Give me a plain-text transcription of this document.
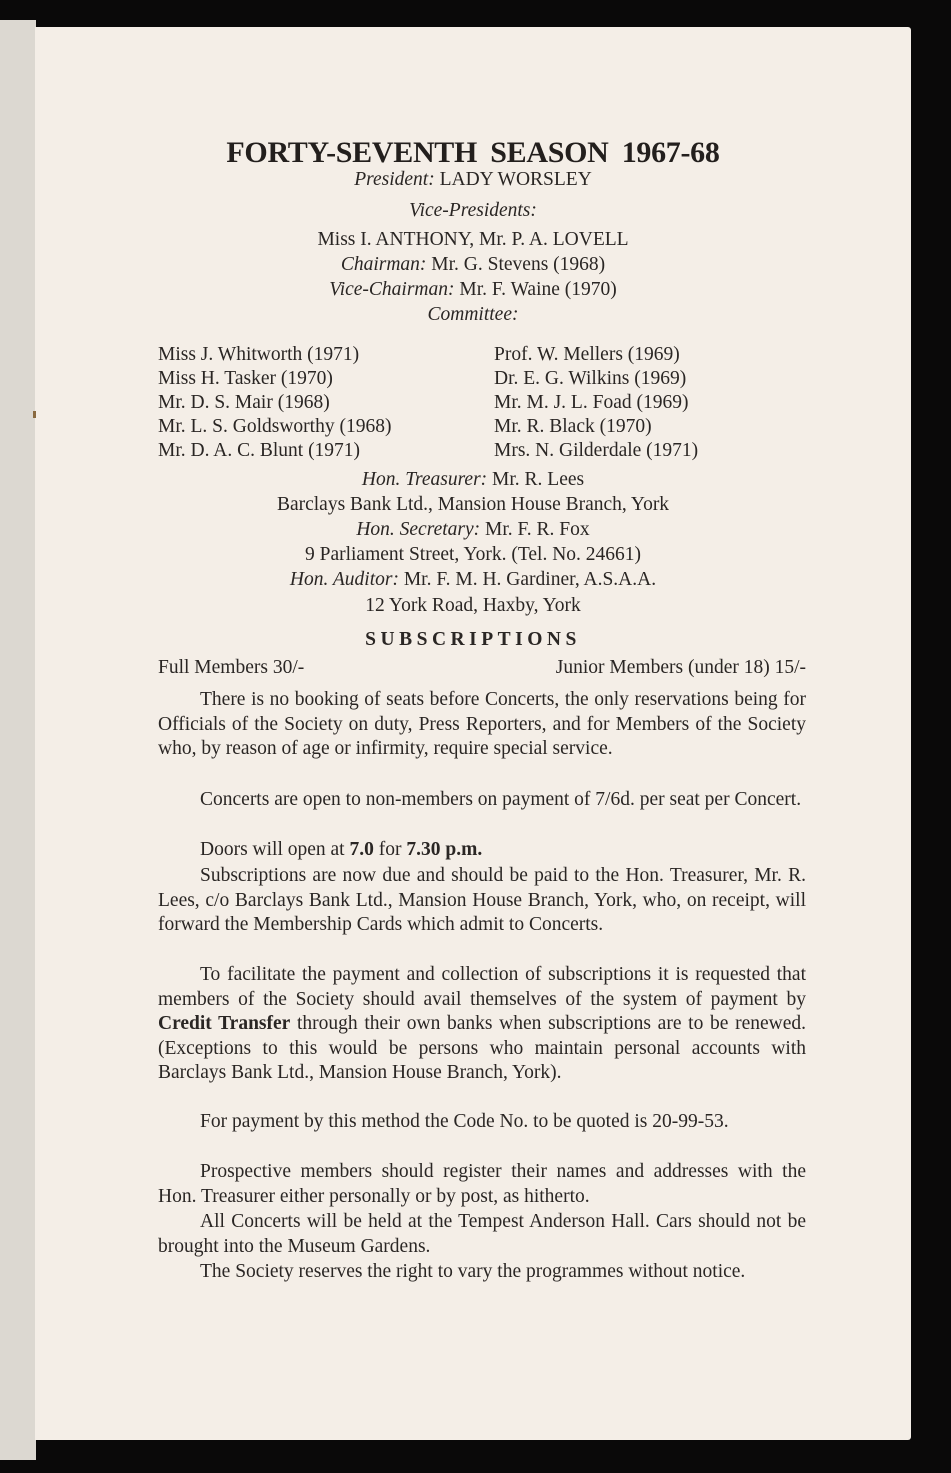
FORTY-SEVENTH SEASON 1967-68
President: LADY WORSLEY
Vice-Presidents:
Miss I. ANTHONY, Mr. P. A. LOVELL
Chairman: Mr. G. Stevens (1968)
Vice-Chairman: Mr. F. Waine (1970)
Committee:
Miss J. Whitworth (1971)
Miss H. Tasker (1970)
Mr. D. S. Mair (1968)
Mr. L. S. Goldsworthy (1968)
Mr. D. A. C. Blunt (1971)
Prof. W. Mellers (1969)
Dr. E. G. Wilkins (1969)
Mr. M. J. L. Foad (1969)
Mr. R. Black (1970)
Mrs. N. Gilderdale (1971)
Hon. Treasurer: Mr. R. Lees
Barclays Bank Ltd., Mansion House Branch, York
Hon. Secretary: Mr. F. R. Fox
9 Parliament Street, York. (Tel. No. 24661)
Hon. Auditor: Mr. F. M. H. Gardiner, A.S.A.A.
12 York Road, Haxby, York
SUBSCRIPTIONS
Full Members 30/-	Junior Members (under 18) 15/-

There is no booking of seats before Concerts, the only reservations being for Officials of the Society on duty, Press Reporters, and for Members of the Society who, by reason of age or infirmity, require special service.

Concerts are open to non-members on payment of 7/6d. per seat per Concert.

Doors will open at 7.0 for 7.30 p.m.

Subscriptions are now due and should be paid to the Hon. Treasurer, Mr. R. Lees, c/o Barclays Bank Ltd., Mansion House Branch, York, who, on receipt, will forward the Membership Cards which admit to Concerts.

To facilitate the payment and collection of subscriptions it is requested that members of the Society should avail themselves of the system of payment by Credit Transfer through their own banks when subscriptions are to be renewed. (Exceptions to this would be persons who maintain personal accounts with Barclays Bank Ltd., Mansion House Branch, York).

For payment by this method the Code No. to be quoted is 20-99-53.

Prospective members should register their names and addresses with the Hon. Treasurer either personally or by post, as hitherto.

All Concerts will be held at the Tempest Anderson Hall. Cars should not be brought into the Museum Gardens.

The Society reserves the right to vary the programmes without notice.
